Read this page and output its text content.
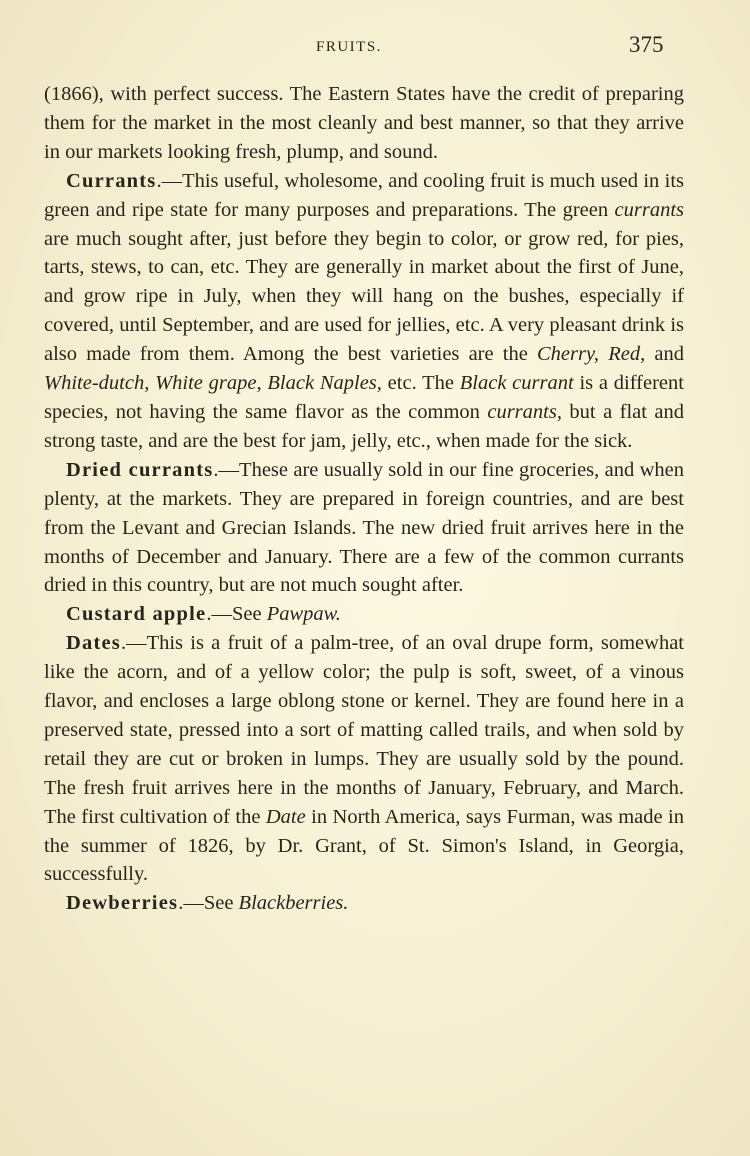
FRUITS.	375

(1866), with perfect success. The Eastern States have the credit of preparing them for the market in the most cleanly and best manner, so that they arrive in our markets looking fresh, plump, and sound.

Currants.—This useful, wholesome, and cooling fruit is much used in its green and ripe state for many purposes and preparations. The green currants are much sought after, just before they begin to color, or grow red, for pies, tarts, stews, to can, etc. They are generally in market about the first of June, and grow ripe in July, when they will hang on the bushes, especially if covered, until September, and are used for jellies, etc. A very pleasant drink is also made from them. Among the best varieties are the Cherry, Red, and White-dutch, White grape, Black Naples, etc. The Black currant is a different species, not having the same flavor as the common currants, but a flat and strong taste, and are the best for jam, jelly, etc., when made for the sick.

Dried currants.—These are usually sold in our fine groceries, and when plenty, at the markets. They are prepared in foreign countries, and are best from the Levant and Grecian Islands. The new dried fruit arrives here in the months of December and January. There are a few of the common currants dried in this country, but are not much sought after.

Custard apple.—See Pawpaw.

Dates.—This is a fruit of a palm-tree, of an oval drupe form, somewhat like the acorn, and of a yellow color; the pulp is soft, sweet, of a vinous flavor, and encloses a large oblong stone or kernel. They are found here in a preserved state, pressed into a sort of matting called trails, and when sold by retail they are cut or broken in lumps. They are usually sold by the pound. The fresh fruit arrives here in the months of January, February, and March. The first cultivation of the Date in North America, says Furman, was made in the summer of 1826, by Dr. Grant, of St. Simon's Island, in Georgia, successfully.

Dewberries.—See Blackberries.
